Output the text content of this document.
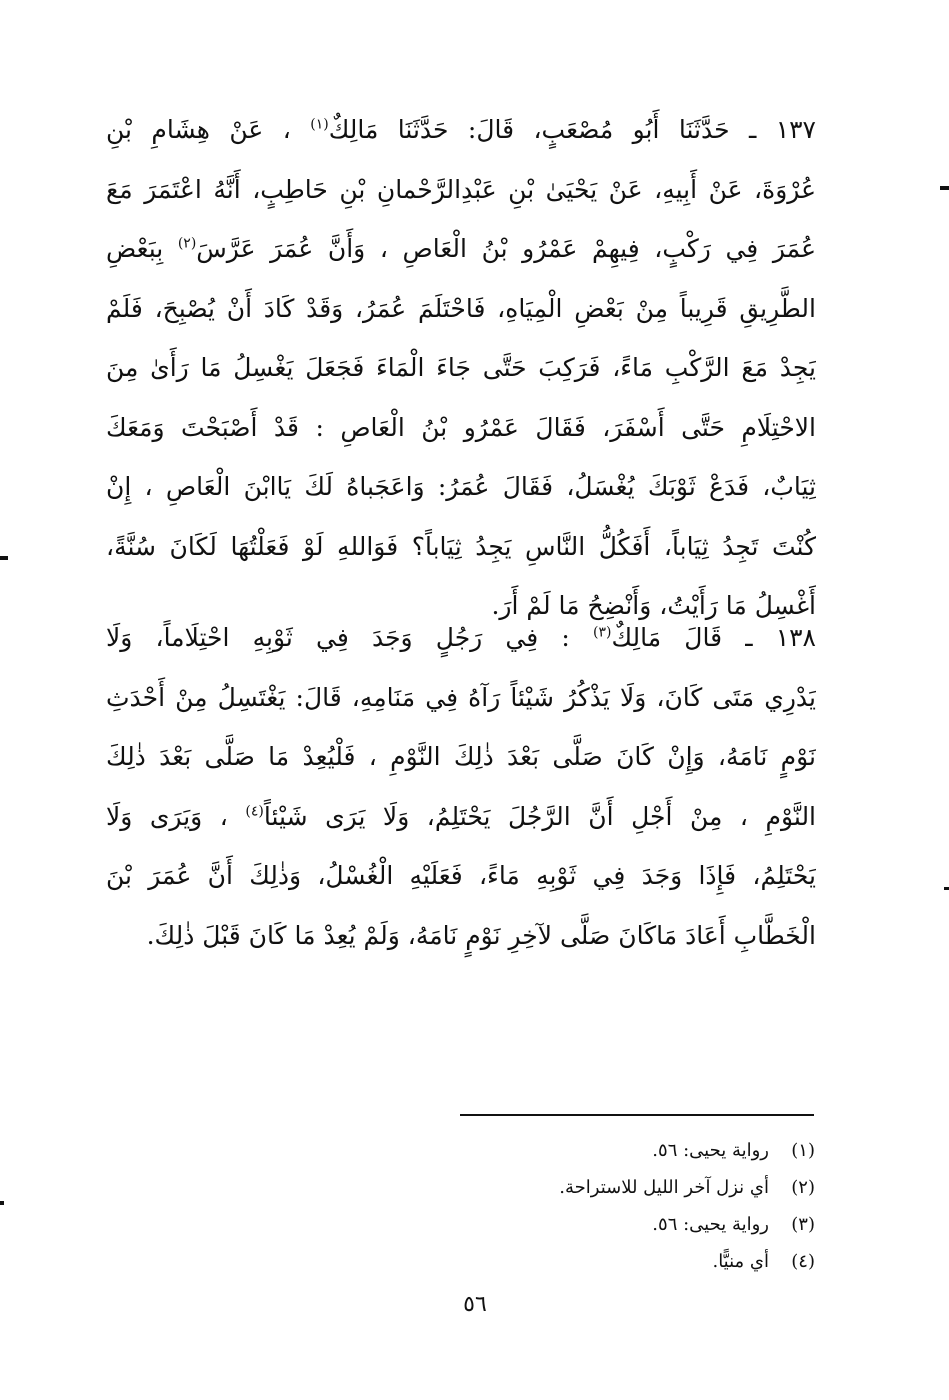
١٣٧ ـ حَدَّثَنَا أَبُو مُصْعَبٍ، قَالَ: حَدَّثَنَا مَالِكٌ$^{(١)}$ ، عَنْ هِشَامِ بْنِ

عُرْوَةَ، عَنْ أَبِيهِ، عَنْ يَحْيَىٰ بْنِ عَبْدِالرَّحْمانِ بْنِ حَاطِبٍ، أَنَّهُ اعْتَمَرَ مَعَ

عُمَرَ فِي رَكْبٍ، فِيهِمْ عَمْرُو بْنُ الْعَاصِ ، وَأَنَّ عُمَرَ عَرَّسَ$^{(٢)}$ بِبَعْضِ

الطَّرِيقِ قَرِيباً مِنْ بَعْضِ الْمِيَاهِ، فَاحْتَلَمَ عُمَرُ، وَقَدْ كَادَ أَنْ يُصْبِحَ، فَلَمْ

يَجِدْ مَعَ الرَّكْبِ مَاءً، فَرَكِبَ حَتَّى جَاءَ الْمَاءَ فَجَعَلَ يَغْسِلُ مَا رَأَىٰ مِنَ

الاحْتِلَامِ حَتَّى أَسْفَرَ، فَقَالَ عَمْرُو بْنُ الْعَاصِ : قَدْ أَصْبَحْتَ وَمَعَكَ

ثِيَابٌ، فَدَعْ ثَوْبَكَ يُغْسَلُ، فَقَالَ عُمَرُ: وَاعَجَباهُ لَكَ يَاابْنَ الْعَاصِ ، إِنْ

كُنْتَ تَجِدُ ثِيَاباً، أَفَكُلُّ النَّاسِ يَجِدُ ثِيَاباً؟ فَوَاللهِ لَوْ فَعَلْتُهَا لَكَانَ سُنَّةً،

أَغْسِلُ مَا رَأَيْتُ، وَأَنْضِحُ مَا لَمْ أَرَ.

١٣٨ ـ قَالَ مَالِكٌ$^{(٣)}$ : فِي رَجُلٍ وَجَدَ فِي ثَوْبِهِ احْتِلَاماً، وَلَا

يَدْرِي مَتَى كَانَ، وَلَا يَذْكُرُ شَيْئاً رَآهُ فِي مَنَامِهِ، قَالَ: يَغْتَسِلُ مِنْ أَحْدَثِ

نَوْمٍ نَامَهُ، وَإِنْ كَانَ صَلَّى بَعْدَ ذٰلِكَ النَّوْمِ ، فَلْيُعِدْ مَا صَلَّى بَعْدَ ذٰلِكَ

النَّوْمِ ، مِنْ أَجْلِ أَنَّ الرَّجُلَ يَحْتَلِمُ، وَلَا يَرَى شَيْئاً$^{(٤)}$ ، وَيَرَى وَلَا

يَحْتَلِمُ، فَإِذَا وَجَدَ فِي ثَوْبِهِ مَاءً، فَعَلَيْهِ الْغُسْلُ، وَذٰلِكَ أَنَّ عُمَرَ بْنَ

الْخَطَّابِ أَعَادَ مَاكَانَ صَلَّى لآخِرِ نَوْمٍ نَامَهُ، وَلَمْ يُعِدْ مَا كَانَ قَبْلَ ذٰلِكَ.

(١)رواية يحيى: ٥٦.
(٢)أي نزل آخر الليل للاستراحة.
(٣)رواية يحيى: ٥٦.
(٤)أي منيًّا.
٥٦
